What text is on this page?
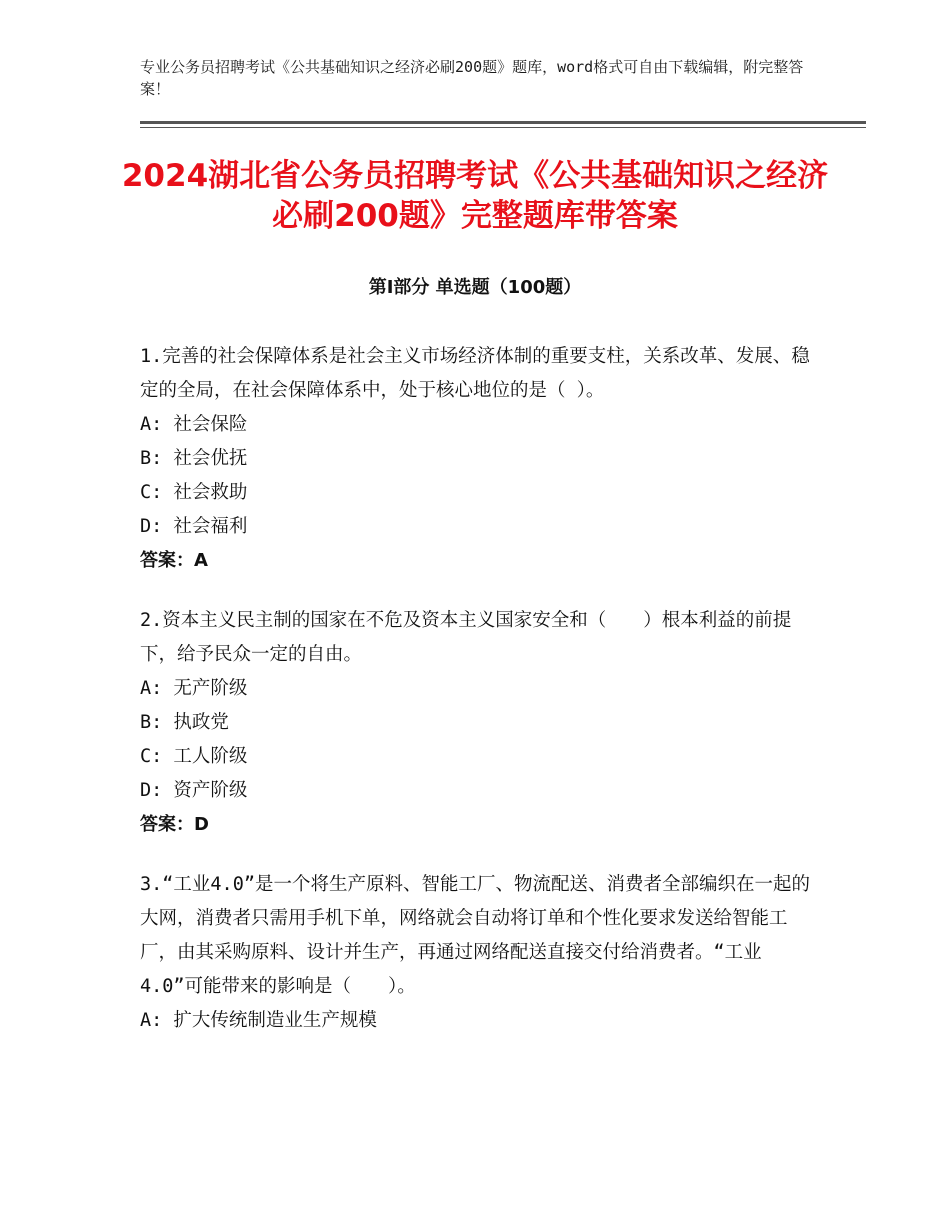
专业公务员招聘考试《公共基础知识之经济必刷200题》题库，word格式可自由下载编辑，附完整答案！
2024湖北省公务员招聘考试《公共基础知识之经济必刷200题》完整题库带答案
第Ⅰ部分 单选题（100题）

1.完善的社会保障体系是社会主义市场经济体制的重要支柱，关系改革、发展、稳定的全局，在社会保障体系中，处于核心地位的是（ ）。

A: 社会保险

B: 社会优抚

C: 社会救助

D: 社会福利

答案：A

2.资本主义民主制的国家在不危及资本主义国家安全和（　　）根本利益的前提下，给予民众一定的自由。

A: 无产阶级

B: 执政党

C: 工人阶级

D: 资产阶级

答案：D

3.“工业4.0”是一个将生产原料、智能工厂、物流配送、消费者全部编织在一起的大网，消费者只需用手机下单，网络就会自动将订单和个性化要求发送给智能工厂，由其采购原料、设计并生产，再通过网络配送直接交付给消费者。“工业4.0”可能带来的影响是（　　）。

A: 扩大传统制造业生产规模
